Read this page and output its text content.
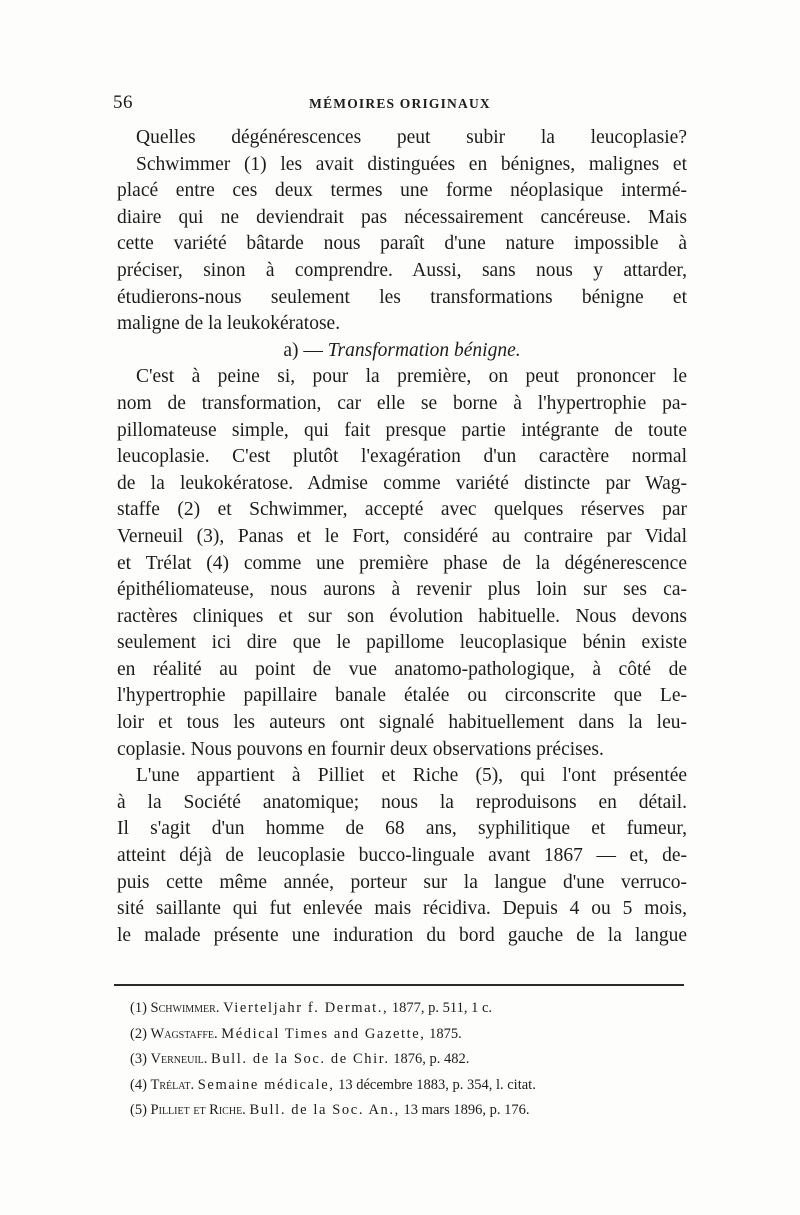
56	MÉMOIRES ORIGINAUX
Quelles dégénérescences peut subir la leucoplasie?
Schwimmer (1) les avait distinguées en bénignes, malignes et
placé entre ces deux termes une forme néoplasique intermé-
diaire qui ne deviendrait pas nécessairement cancéreuse. Mais
cette variété bâtarde nous paraît d'une nature impossible à
préciser, sinon à comprendre. Aussi, sans nous y attarder,
étudierons-nous seulement les transformations bénigne et
maligne de la leukokératose.
a) — Transformation bénigne.
C'est à peine si, pour la première, on peut prononcer le
nom de transformation, car elle se borne à l'hypertrophie pa-
pillomateuse simple, qui fait presque partie intégrante de toute
leucoplasie. C'est plutôt l'exagération d'un caractère normal
de la leukokératose. Admise comme variété distincte par Wag-
staffe (2) et Schwimmer, accepté avec quelques réserves par
Verneuil (3), Panas et le Fort, considéré au contraire par Vidal
et Trélat (4) comme une première phase de la dégénerescence
épithéliomateuse, nous aurons à revenir plus loin sur ses ca-
ractères cliniques et sur son évolution habituelle. Nous devons
seulement ici dire que le papillome leucoplasique bénin existe
en réalité au point de vue anatomo-pathologique, à côté de
l'hypertrophie papillaire banale étalée ou circonscrite que Le-
loir et tous les auteurs ont signalé habituellement dans la leu-
coplasie. Nous pouvons en fournir deux observations précises.
L'une appartient à Pilliet et Riche (5), qui l'ont présentée
à la Société anatomique; nous la reproduisons en détail.
Il s'agit d'un homme de 68 ans, syphilitique et fumeur,
atteint déjà de leucoplasie bucco-linguale avant 1867 — et, de-
puis cette même année, porteur sur la langue d'une verruco-
sité saillante qui fut enlevée mais récidiva. Depuis 4 ou 5 mois,
le malade présente une induration du bord gauche de la langue
(1) Schwimmer. Vierteljahr f. Dermat., 1877, p. 511, 1 c.
(2) Wagstaffe. Médical Times and Gazette, 1875.
(3) Verneuil. Bull. de la Soc. de Chir. 1876, p. 482.
(4) Trélat. Semaine médicale, 13 décembre 1883, p. 354, l. citat.
(5) Pilliet et Riche. Bull. de la Soc. An., 13 mars 1896, p. 176.
